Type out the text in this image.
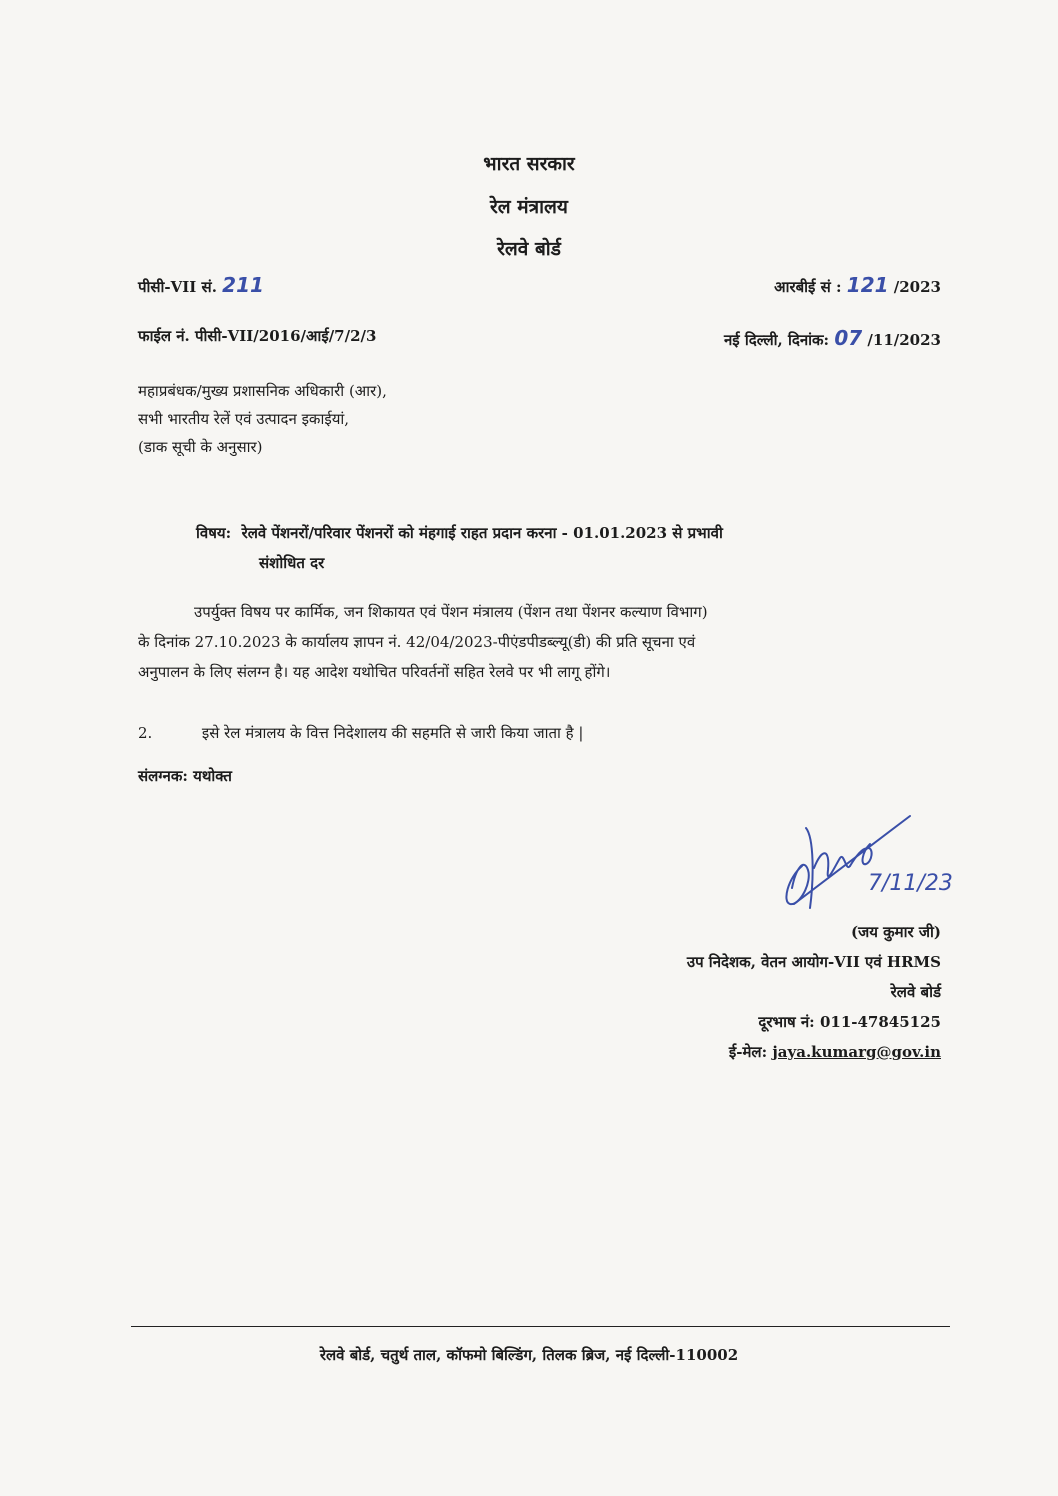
भारत सरकार
रेल मंत्रालय
रेलवे बोर्ड
पीसी-VII सं. 211	आरबीई सं : 121 /2023
फाईल नं. पीसी-VII/2016/आई/7/2/3	नई दिल्ली, दिनांक: 07 /11/2023
महाप्रबंधक/मुख्य प्रशासनिक अधिकारी (आर),
सभी भारतीय रेलें एवं उत्पादन इकाईयां,
(डाक सूची के अनुसार)
विषय: रेलवे पेंशनरों/परिवार पेंशनरों को मंहगाई राहत प्रदान करना - 01.01.2023 से प्रभावी
संशोधित दर
उपर्युक्त विषय पर कार्मिक, जन शिकायत एवं पेंशन मंत्रालय (पेंशन तथा पेंशनर कल्याण विभाग)
के दिनांक 27.10.2023 के कार्यालय ज्ञापन नं. 42/04/2023-पीएंडपीडब्ल्यू(डी) की प्रति सूचना एवं
अनुपालन के लिए संलग्न है। यह आदेश यथोचित परिवर्तनों सहित रेलवे पर भी लागू होंगे।
2.	इसे रेल मंत्रालय के वित्त निदेशालय की सहमति से जारी किया जाता है |
संलग्नक: यथोक्त
7/11/23
(जय कुमार जी)
उप निदेशक, वेतन आयोग-VII एवं HRMS
रेलवे बोर्ड
दूरभाष नं: 011-47845125
ई-मेल: jaya.kumarg@gov.in
रेलवे बोर्ड, चतुर्थ ताल, कॉफमो बिल्डिंग, तिलक ब्रिज, नई दिल्ली-110002
